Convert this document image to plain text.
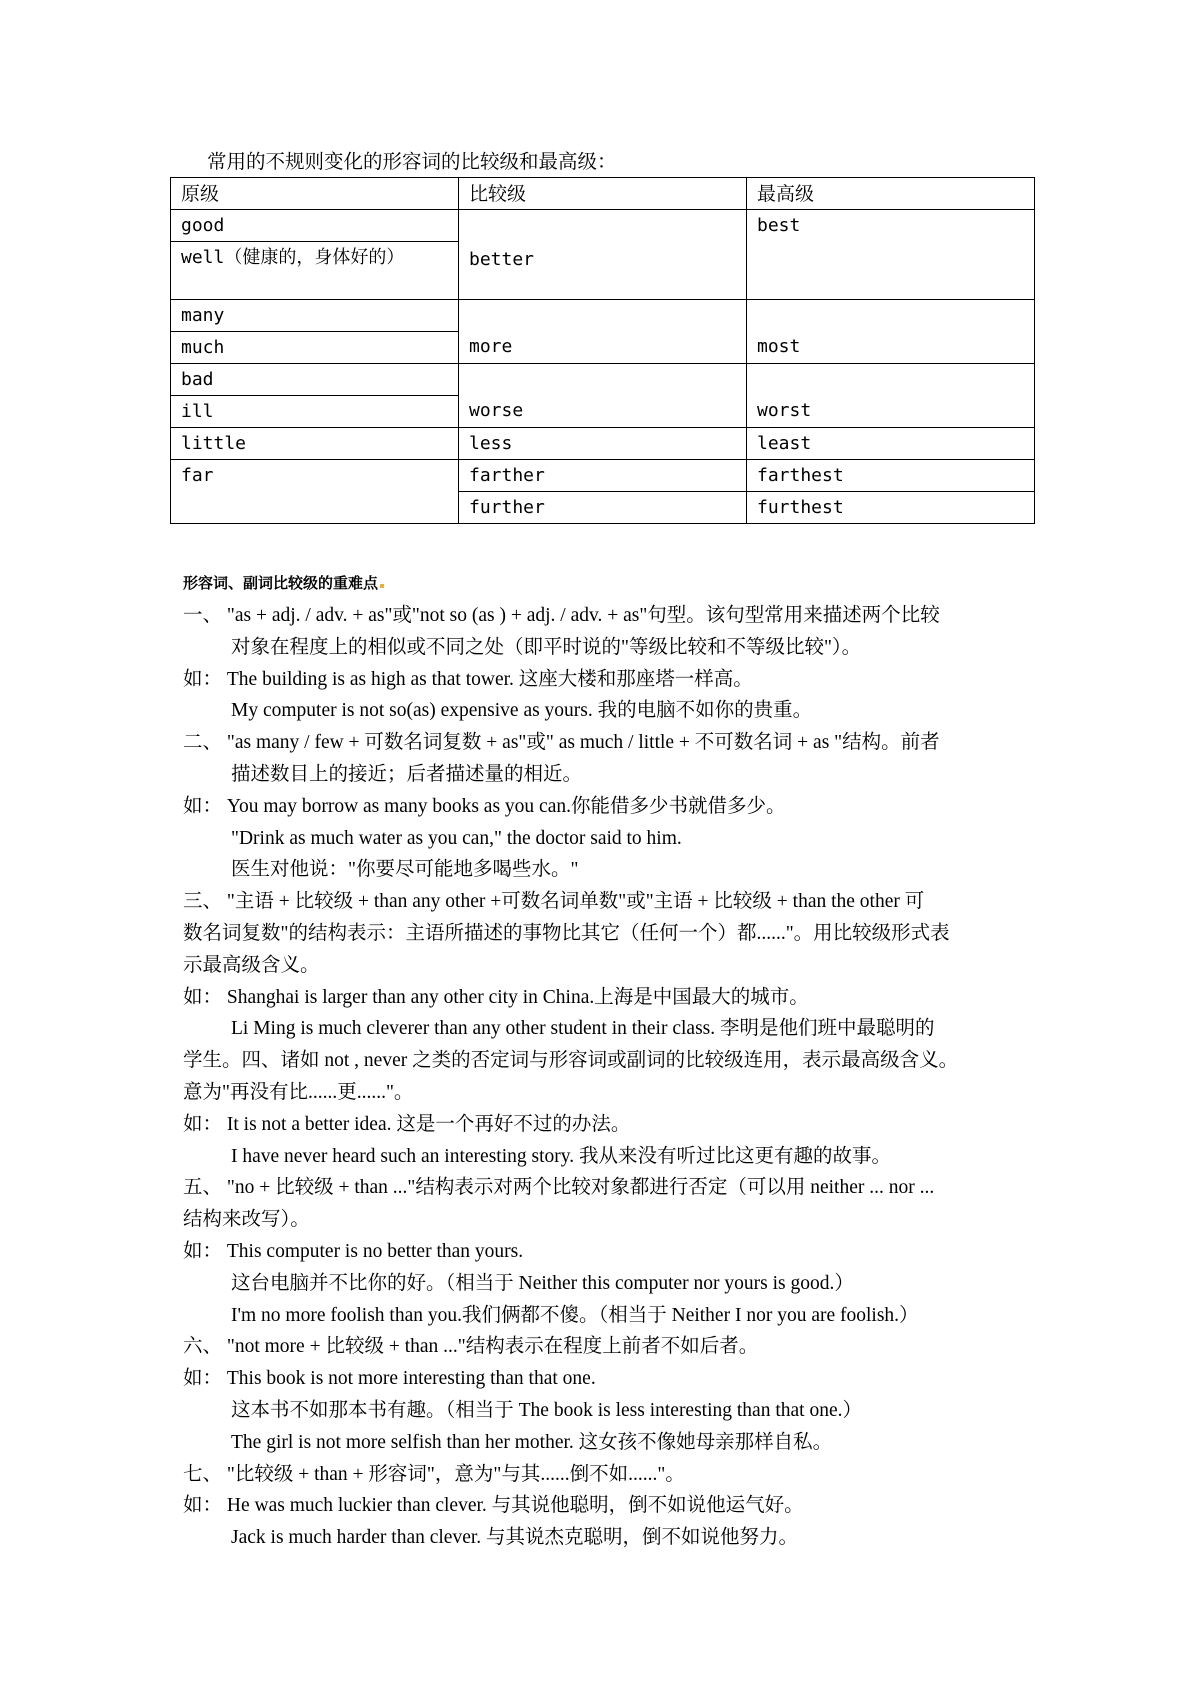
常用的不规则变化的形容词的比较级和最高级：
原级	比较级	最高级
good	better	best
well（健康的，身体好的）		
many	more	most
much		
bad	worse	worst
ill		
little	less	least
far	farther	farthest
	further	furthest
形容词、副词比较级的重难点
一、 "as + adj. / adv. + as"或"not so (as ) + adj. / adv. + as"句型。该句型常用来描述两个比较
对象在程度上的相似或不同之处（即平时说的"等级比较和不等级比较"）。
如： The building is as high as that tower. 这座大楼和那座塔一样高。
My computer is not so(as) expensive as yours. 我的电脑不如你的贵重。
二、 "as many / few + 可数名词复数 + as"或" as much / little + 不可数名词 + as "结构。前者
描述数目上的接近；后者描述量的相近。
如： You may borrow as many books as you can.你能借多少书就借多少。
"Drink as much water as you can," the doctor said to him.
医生对他说："你要尽可能地多喝些水。"
三、 "主语 + 比较级 + than any other +可数名词单数"或"主语 + 比较级 + than the other 可
数名词复数"的结构表示：主语所描述的事物比其它（任何一个）都......"。用比较级形式表
示最高级含义。
如： Shanghai is larger than any other city in China.上海是中国最大的城市。
Li Ming is much cleverer than any other student in their class. 李明是他们班中最聪明的
学生。四、诸如 not , never 之类的否定词与形容词或副词的比较级连用，表示最高级含义。
意为"再没有比......更......"。
如： It is not a better idea. 这是一个再好不过的办法。
I have never heard such an interesting story. 我从来没有听过比这更有趣的故事。
五、 "no + 比较级 + than ..."结构表示对两个比较对象都进行否定（可以用 neither ... nor ...
结构来改写）。
如： This computer is no better than yours.
这台电脑并不比你的好。（相当于 Neither this computer nor yours is good.）
I'm no more foolish than you.我们俩都不傻。（相当于 Neither I nor you are foolish.）
六、 "not more + 比较级 + than ..."结构表示在程度上前者不如后者。
如： This book is not more interesting than that one.
这本书不如那本书有趣。（相当于 The book is less interesting than that one.）
The girl is not more selfish than her mother. 这女孩不像她母亲那样自私。
七、 "比较级 + than + 形容词"，意为"与其......倒不如......"。
如： He was much luckier than clever. 与其说他聪明，倒不如说他运气好。
Jack is much harder than clever. 与其说杰克聪明，倒不如说他努力。
